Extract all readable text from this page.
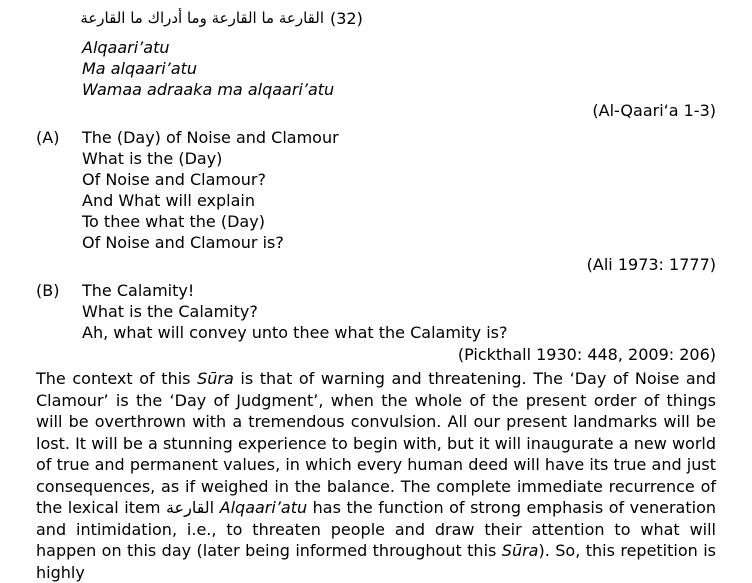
القارعة ما القارعة وما أدراك ما القارعة (32)
Alqaari’atu
Ma alqaari’atu
Wamaa adraaka ma alqaari’atu
(Al-Qaari‘a 1-3)
(A) The (Day) of Noise and Clamour
What is the (Day)
Of Noise and Clamour?
And What will explain
To thee what the (Day)
Of Noise and Clamour is?
(Ali 1973: 1777)
(B) The Calamity!
What is the Calamity?
Ah, what will convey unto thee what the Calamity is?
(Pickthall 1930: 448, 2009: 206)
The context of this Sūra is that of warning and threatening. The ‘Day of Noise and Clamour’ is the ‘Day of Judgment’, when the whole of the present order of things will be overthrown with a tremendous convulsion. All our present landmarks will be lost. It will be a stunning experience to begin with, but it will inaugurate a new world of true and permanent values, in which every human deed will have its true and just consequences, as if weighed in the balance. The complete immediate recurrence of the lexical item القارعة Alqaari’atu has the function of strong emphasis of veneration and intimidation, i.e., to threaten people and draw their attention to what will happen on this day (later being informed throughout this Sūra). So, this repetition is highly
